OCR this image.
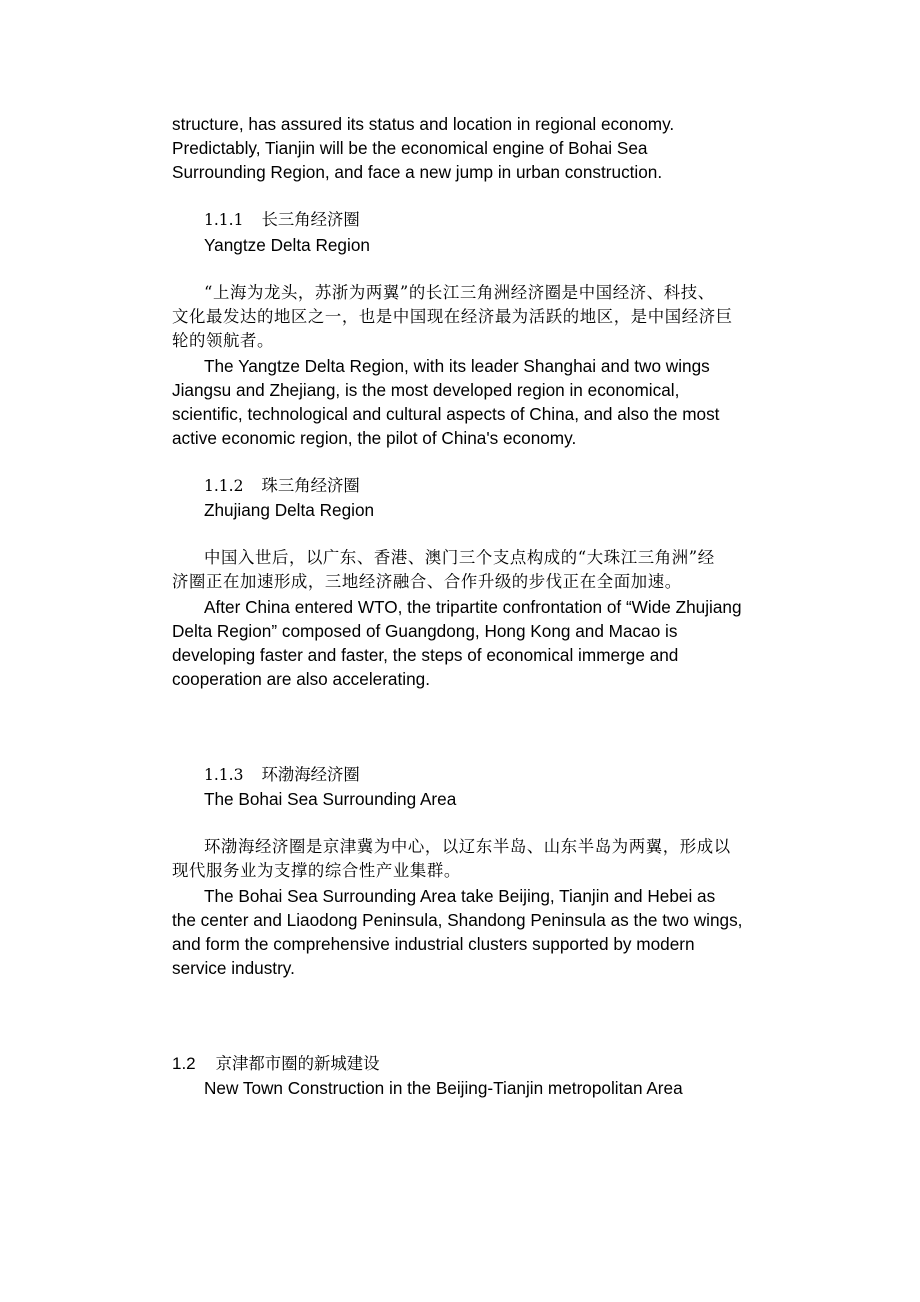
structure, has assured its status and location in regional economy.
Predictably, Tianjin will be the economical engine of Bohai Sea
Surrounding Region, and face a new jump in urban construction.
1.1.1 长三角经济圈
Yangtze Delta Region
“上海为龙头，苏浙为两翼”的长江三角洲经济圈是中国经济、科技、
文化最发达的地区之一，也是中国现在经济最为活跃的地区，是中国经济巨
轮的领航者。
The Yangtze Delta Region, with its leader Shanghai and two wings
Jiangsu and Zhejiang, is the most developed region in economical,
scientific, technological and cultural aspects of China, and also the most
active economic region, the pilot of China's economy.
1.1.2 珠三角经济圈
Zhujiang Delta Region
中国入世后，以广东、香港、澳门三个支点构成的“大珠江三角洲”经
济圈正在加速形成，三地经济融合、合作升级的步伐正在全面加速。
After China entered WTO, the tripartite confrontation of “Wide Zhujiang
Delta Region” composed of Guangdong, Hong Kong and Macao is
developing faster and faster, the steps of economical immerge and
cooperation are also accelerating.
1.1.3 环渤海经济圈
The Bohai Sea Surrounding Area
环渤海经济圈是京津冀为中心，以辽东半岛、山东半岛为两翼，形成以
现代服务业为支撑的综合性产业集群。
The Bohai Sea Surrounding Area take Beijing, Tianjin and Hebei as
the center and Liaodong Peninsula, Shandong Peninsula as the two wings,
and form the comprehensive industrial clusters supported by modern
service industry.
1.2 京津都市圈的新城建设
New Town Construction in the Beijing-Tianjin metropolitan Area
